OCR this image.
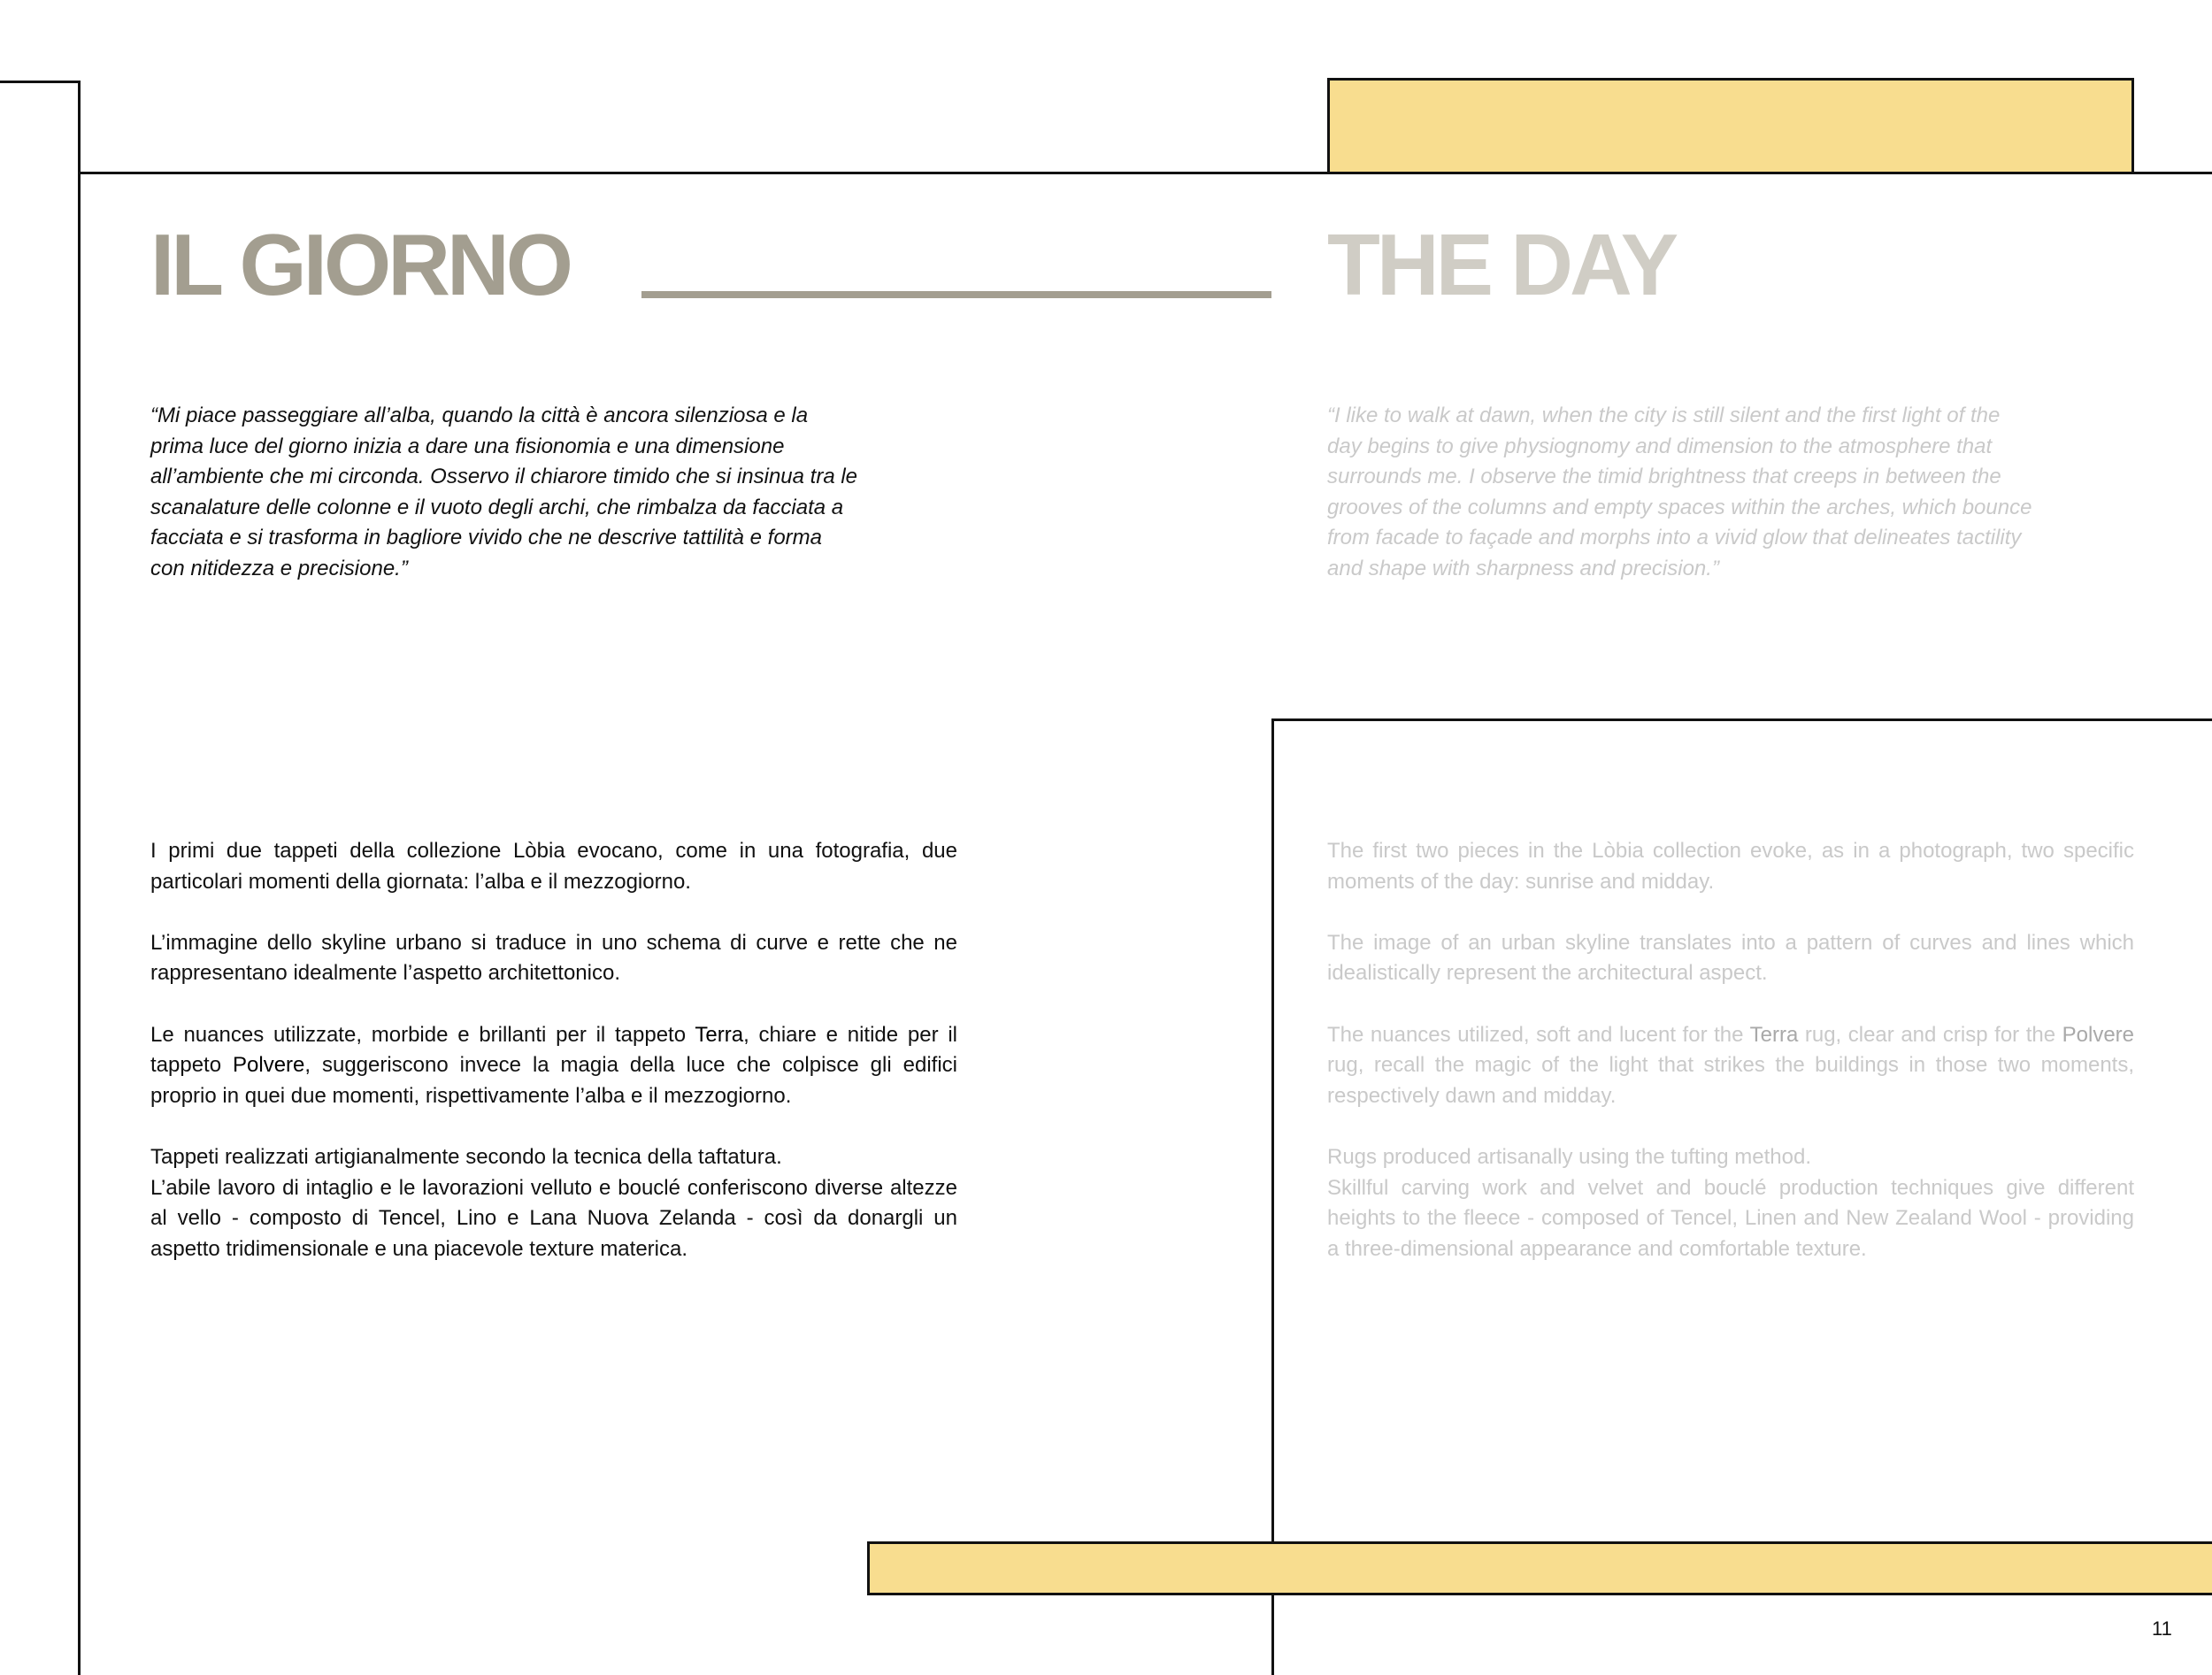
IL GIORNO	THE DAY

“Mi piace passeggiare all’alba, quando la città è ancora silenziosa e la prima luce del giorno inizia a dare una fisionomia e una dimensione all’ambiente che mi circonda. Osservo il chiarore timido che si insinua tra le scanalature delle colonne e il vuoto degli archi, che rimbalza da facciata a facciata e si trasforma in bagliore vivido che ne descrive tattilità e forma con nitidezza e precisione.”

“I like to walk at dawn, when the city is still silent and the first light of the day begins to give physiognomy and dimension to the atmosphere that surrounds me. I observe the timid brightness that creeps in between the grooves of the columns and empty spaces within the arches, which bounce from facade to façade and morphs into a vivid glow that delineates tactility and shape with sharpness and precision.”

I primi due tappeti della collezione Lòbia evocano, come in una fotografia, due particolari momenti della giornata: l’alba e il mezzogiorno.

L’immagine dello skyline urbano si traduce in uno schema di curve e rette che ne rappresentano idealmente l’aspetto architettonico.

Le nuances utilizzate, morbide e brillanti per il tappeto Terra, chiare e nitide per il tappeto Polvere, suggeriscono invece la magia della luce che colpisce gli edifici proprio in quei due momenti, rispettivamente l’alba e il mezzogiorno.

Tappeti realizzati artigianalmente secondo la tecnica della taftatura.

L’abile lavoro di intaglio e le lavorazioni velluto e bouclé conferiscono diverse altezze al vello - composto di Tencel, Lino e Lana Nuova Zelanda - così da donargli un aspetto tridimensionale e una piacevole texture materica.

The first two pieces in the Lòbia collection evoke, as in a photograph, two specific moments of the day: sunrise and midday.

The image of an urban skyline translates into a pattern of curves and lines which idealistically represent the architectural aspect.

The nuances utilized, soft and lucent for the Terra rug, clear and crisp for the Polvere rug, recall the magic of the light that strikes the buildings in those two moments, respectively dawn and midday.

Rugs produced artisanally using the tufting method.

Skillful carving work and velvet and bouclé production techniques give different heights to the fleece - composed of Tencel, Linen and New Zealand Wool - providing a three-dimensional appearance and comfortable texture.

11
